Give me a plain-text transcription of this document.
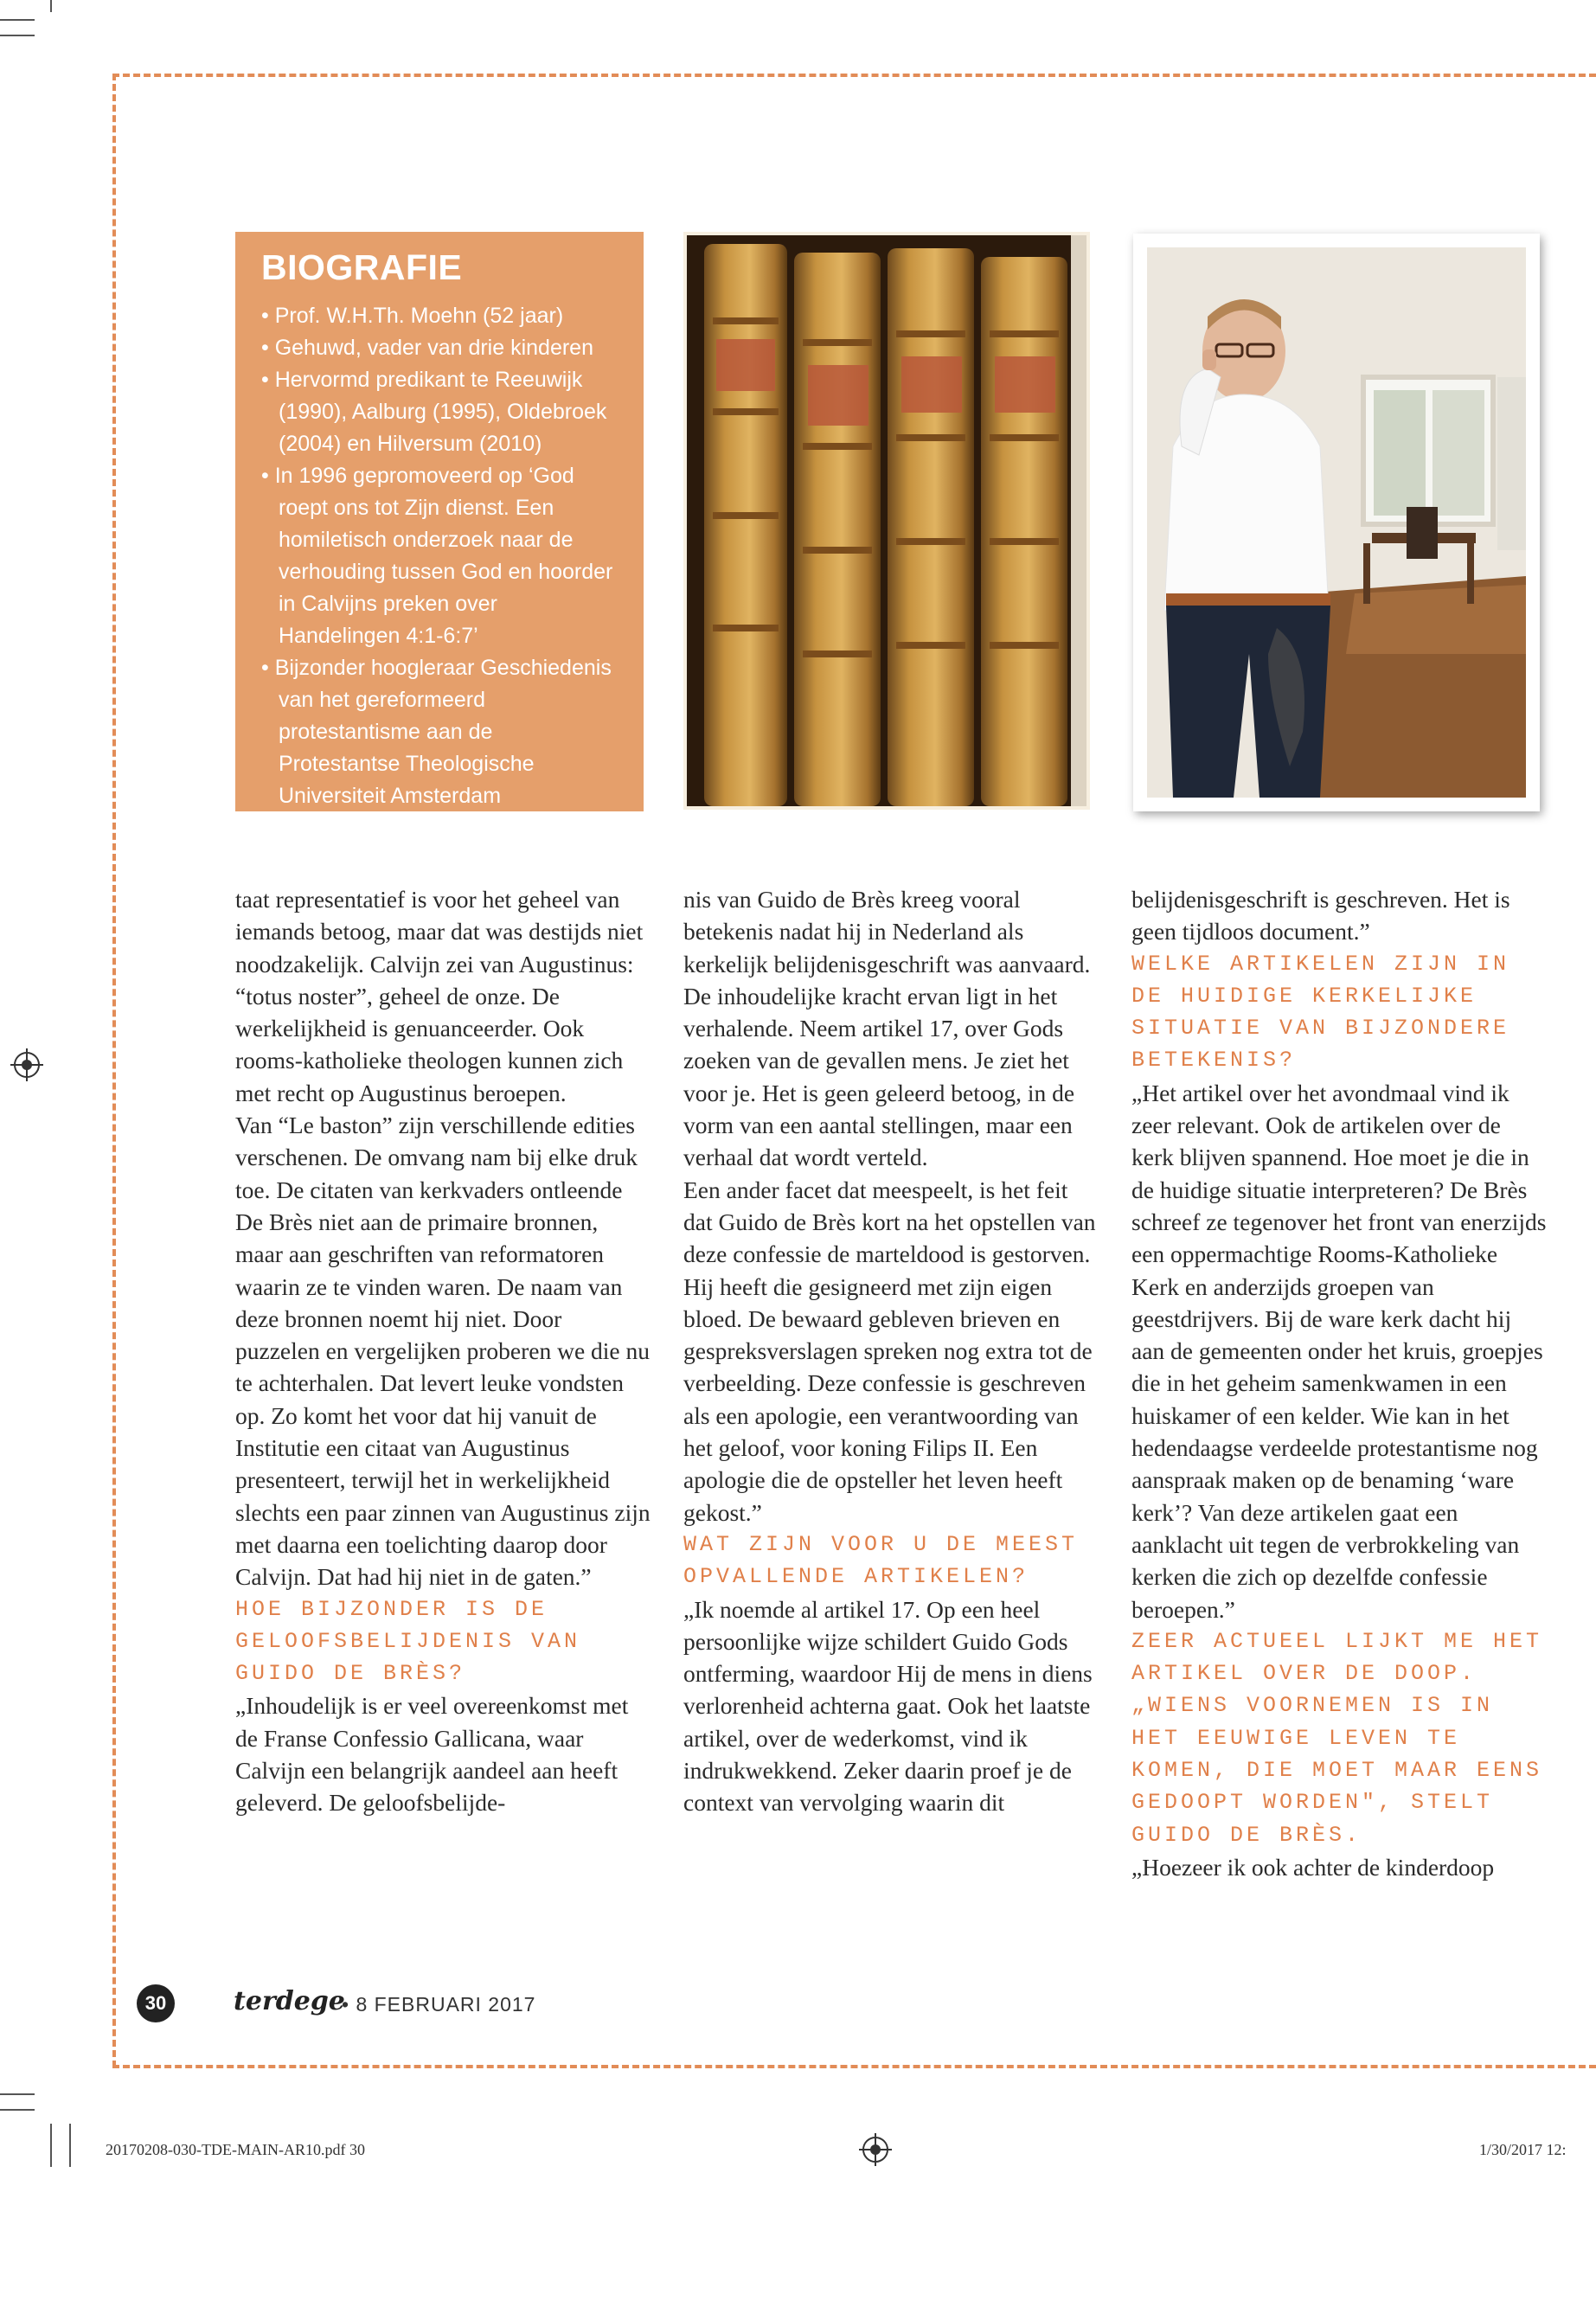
BIOGRAFIE
• Prof. W.H.Th. Moehn (52 jaar)
• Gehuwd, vader van drie kinderen
• Hervormd predikant te Reeuwijk (1990), Aalburg (1995), Oldebroek (2004) en Hilversum (2010)
• In 1996 gepromoveerd op ‘God roept ons tot Zijn dienst. Een homiletisch onderzoek naar de verhouding tussen God en hoorder in Calvijns preken over Handelingen 4:1-6:7’
• Bijzonder hoogleraar Geschiedenis van het gereformeerd protestantisme aan de Protestantse Theologische Universiteit Amsterdam

taat representatief is voor het geheel van iemands betoog, maar dat was destijds niet noodzakelijk. Calvijn zei van Augustinus: “totus noster”, geheel de onze. De werkelijkheid is genuanceerder. Ook rooms-katholieke theologen kunnen zich met recht op Augustinus beroepen.

Van “Le baston” zijn verschillende edities verschenen. De omvang nam bij elke druk toe. De citaten van kerkvaders ontleende De Brès niet aan de primaire bronnen, maar aan geschriften van reformatoren waarin ze te vinden waren. De naam van deze bronnen noemt hij niet. Door puzzelen en vergelijken proberen we die nu te achterhalen. Dat levert leuke vondsten op. Zo komt het voor dat hij vanuit de Institutie een citaat van Augustinus presenteert, terwijl het in werkelijkheid slechts een paar zinnen van Augustinus zijn met daarna een toelichting daarop door Calvijn. Dat had hij niet in de gaten.”

HOE BIJZONDER IS DE GELOOFSBELIJDENIS VAN GUIDO DE BRÈS?

„Inhoudelijk is er veel overeenkomst met de Franse Confessio Gallicana, waar Calvijn een belangrijk aandeel aan heeft geleverd. De geloofsbelijde-

nis van Guido de Brès kreeg vooral betekenis nadat hij in Nederland als kerkelijk belijdenisgeschrift was aanvaard. De inhoudelijke kracht ervan ligt in het verhalende. Neem artikel 17, over Gods zoeken van de gevallen mens. Je ziet het voor je. Het is geen geleerd betoog, in de vorm van een aantal stellingen, maar een verhaal dat wordt verteld.

Een ander facet dat meespeelt, is het feit dat Guido de Brès kort na het opstellen van deze confessie de marteldood is gestorven. Hij heeft die gesigneerd met zijn eigen bloed. De bewaard gebleven brieven en gespreksverslagen spreken nog extra tot de verbeelding. Deze confessie is geschreven als een apologie, een verantwoording van het geloof, voor koning Filips II. Een apologie die de opsteller het leven heeft gekost.”

WAT ZIJN VOOR U DE MEEST OPVALLENDE ARTIKELEN?

„Ik noemde al artikel 17. Op een heel persoonlijke wijze schildert Guido Gods ontferming, waardoor Hij de mens in diens verlorenheid achterna gaat. Ook het laatste artikel, over de wederkomst, vind ik indrukwekkend. Zeker daarin proef je de context van vervolging waarin dit

belijdenisgeschrift is geschreven. Het is geen tijdloos document.”

WELKE ARTIKELEN ZIJN IN DE HUIDIGE KERKELIJKE SITUATIE VAN BIJZONDERE BETEKENIS?

„Het artikel over het avondmaal vind ik zeer relevant. Ook de artikelen over de kerk blijven spannend. Hoe moet je die in de huidige situatie interpreteren? De Brès schreef ze tegenover het front van enerzijds een oppermachtige Rooms-Katholieke Kerk en anderzijds groepen van geestdrijvers. Bij de ware kerk dacht hij aan de gemeenten onder het kruis, groepjes die in het geheim samenkwamen in een huiskamer of een kelder. Wie kan in het hedendaagse verdeelde protestantisme nog aanspraak maken op de benaming ‘ware kerk’? Van deze artikelen gaat een aanklacht uit tegen de verbrokkeling van kerken die zich op dezelfde confessie beroepen.”

ZEER ACTUEEL LIJKT ME HET ARTIKEL OVER DE DOOP. „WIENS VOORNEMEN IS IN HET EEUWIGE LEVEN TE KOMEN, DIE MOET MAAR EENS GEDOOPT WORDEN", STELT GUIDO DE BRÈS.

„Hoezeer ik ook achter de kinderdoop

30	terdege
• 8 FEBRUARI 2017
20170208-030-TDE-MAIN-AR10.pdf 30	1/30/2017 12:
